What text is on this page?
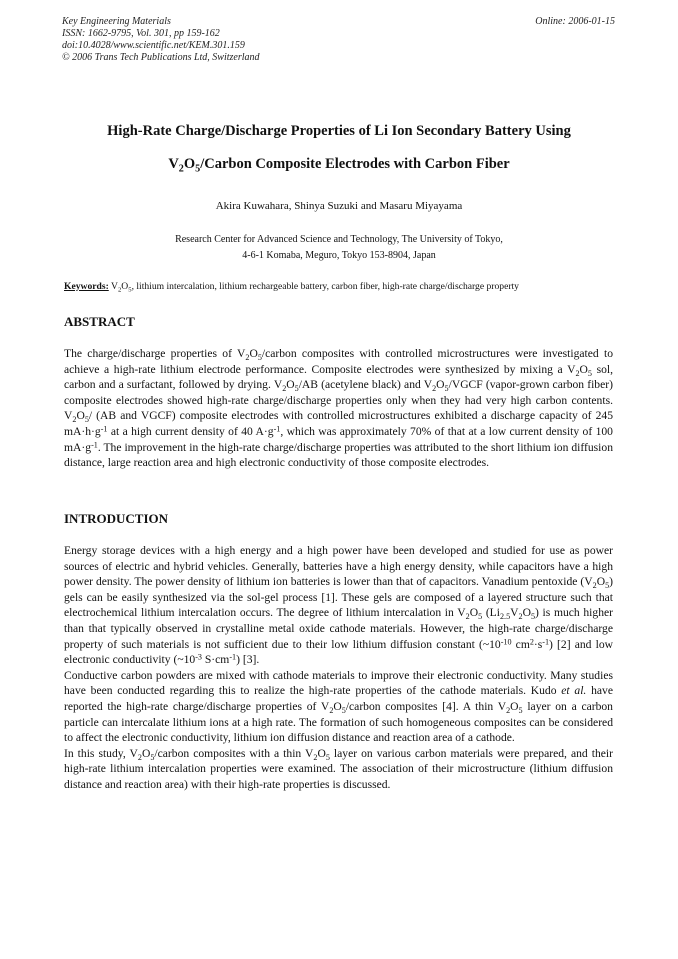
Key Engineering Materials
ISSN: 1662-9795, Vol. 301, pp 159-162
doi:10.4028/www.scientific.net/KEM.301.159
© 2006 Trans Tech Publications Ltd, Switzerland
Online: 2006-01-15
High-Rate Charge/Discharge Properties of Li Ion Secondary Battery Using
$V_2O_5$/Carbon Composite Electrodes with Carbon Fiber
Akira Kuwahara, Shinya Suzuki and Masaru Miyayama
Research Center for Advanced Science and Technology, The University of Tokyo,
4-6-1 Komaba, Meguro, Tokyo 153-8904, Japan
Keywords: $V_2O_5$, lithium intercalation, lithium rechargeable battery, carbon fiber, high-rate charge/discharge property
ABSTRACT

The charge/discharge properties of $V_2O_5$/carbon composites with controlled microstructures were investigated to achieve a high-rate lithium electrode performance. Composite electrodes were synthesized by mixing a $V_2O_5$ sol, carbon and a surfactant, followed by drying. $V_2O_5/AB$ (acetylene black) and $V_2O_5$/VGCF (vapor-grown carbon fiber) composite electrodes showed high-rate charge/discharge properties only when they had very high carbon contents. $V_2O_5/$ (AB and VGCF) composite electrodes with controlled microstructures exhibited a discharge capacity of 245 $mA\cdot h\cdot g^{-1}$ at a high current density of 40 $A\cdot g^{-1}$, which was approximately 70% of that at a low current density of 100 $mA\cdot g^{-1}$. The improvement in the high-rate charge/discharge properties was attributed to the short lithium ion diffusion distance, large reaction area and high electronic conductivity of those composite electrodes.

INTRODUCTION

Energy storage devices with a high energy and a high power have been developed and studied for use as power sources of electric and hybrid vehicles. Generally, batteries have a high energy density, while capacitors have a high power density. The power density of lithium ion batteries is lower than that of capacitors. Vanadium pentoxide $(V_2O_5)$ gels can be easily synthesized via the sol-gel process [1]. These gels are composed of a layered structure such that electrochemical lithium intercalation occurs. The degree of lithium intercalation in $V_2O_5$ $(Li_{2.5}V_2O_5)$ is much higher than that typically observed in crystalline metal oxide cathode materials. However, the high-rate charge/discharge property of such materials is not sufficient due to their low lithium diffusion constant ($\sim 10^{-10}$ $cm^2\cdot s^{-1}$) [2] and low electronic conductivity ($\sim 10^{-3}$ $S\cdot cm^{-1}$) [3].

Conductive carbon powders are mixed with cathode materials to improve their electronic conductivity. Many studies have been conducted regarding this to realize the high-rate properties of the cathode materials. Kudo et al. have reported the high-rate charge/discharge properties of $V_2O_5$/carbon composites [4]. A thin $V_2O_5$ layer on a carbon particle can intercalate lithium ions at a high rate. The formation of such homogeneous composites can be considered to affect the electronic conductivity, lithium ion diffusion distance and reaction area of a cathode.

In this study, $V_2O_5$/carbon composites with a thin $V_2O_5$ layer on various carbon materials were prepared, and their high-rate lithium intercalation properties were examined. The association of their microstructure (lithium diffusion distance and reaction area) with their high-rate properties is discussed.
